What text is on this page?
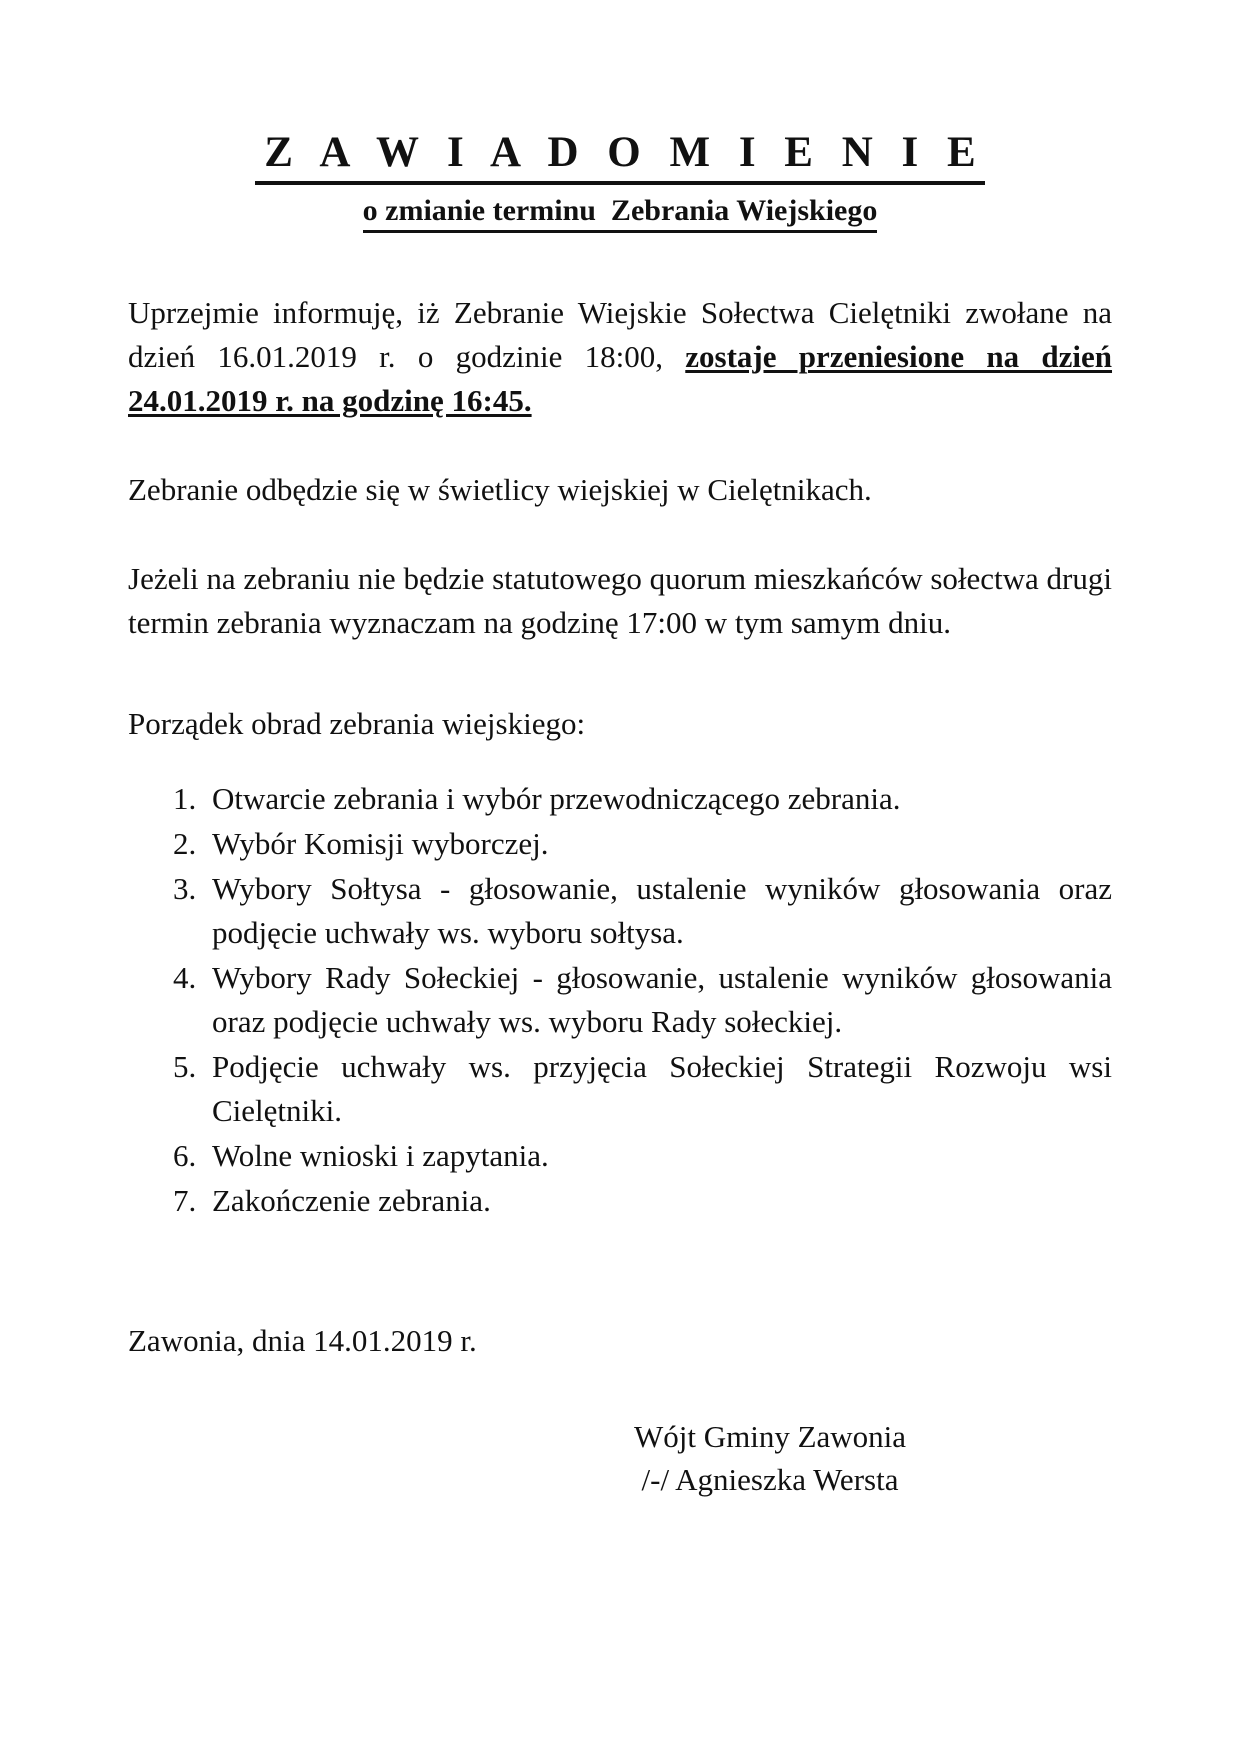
Z A W I A D O M I E N I E o zmianie terminu  Zebrania Wiejskiego

Uprzejmie informuję, iż Zebranie Wiejskie Sołectwa Cielętniki zwołane na dzień 16.01.2019 r. o godzinie 18:00, zostaje przeniesione na dzień 24.01.2019 r. na godzinę 16:45.

Zebranie odbędzie się w świetlicy wiejskiej w Cielętnikach.

Jeżeli na zebraniu nie będzie statutowego quorum mieszkańców sołectwa drugi termin zebrania wyznaczam na godzinę 17:00 w tym samym dniu.

Porządek obrad zebrania wiejskiego:

1. Otwarcie zebrania i wybór przewodniczącego zebrania.
2. Wybór Komisji wyborczej.
3. Wybory Sołtysa - głosowanie, ustalenie wyników głosowania oraz podjęcie uchwały ws. wyboru sołtysa.
4. Wybory Rady Sołeckiej - głosowanie, ustalenie wyników głosowania oraz podjęcie uchwały ws. wyboru Rady sołeckiej.
5. Podjęcie uchwały ws. przyjęcia Sołeckiej Strategii Rozwoju wsi Cielętniki.
6. Wolne wnioski i zapytania.
7. Zakończenie zebrania.

Zawonia, dnia 14.01.2019 r.

Wójt Gminy Zawonia
/-/ Agnieszka Wersta
